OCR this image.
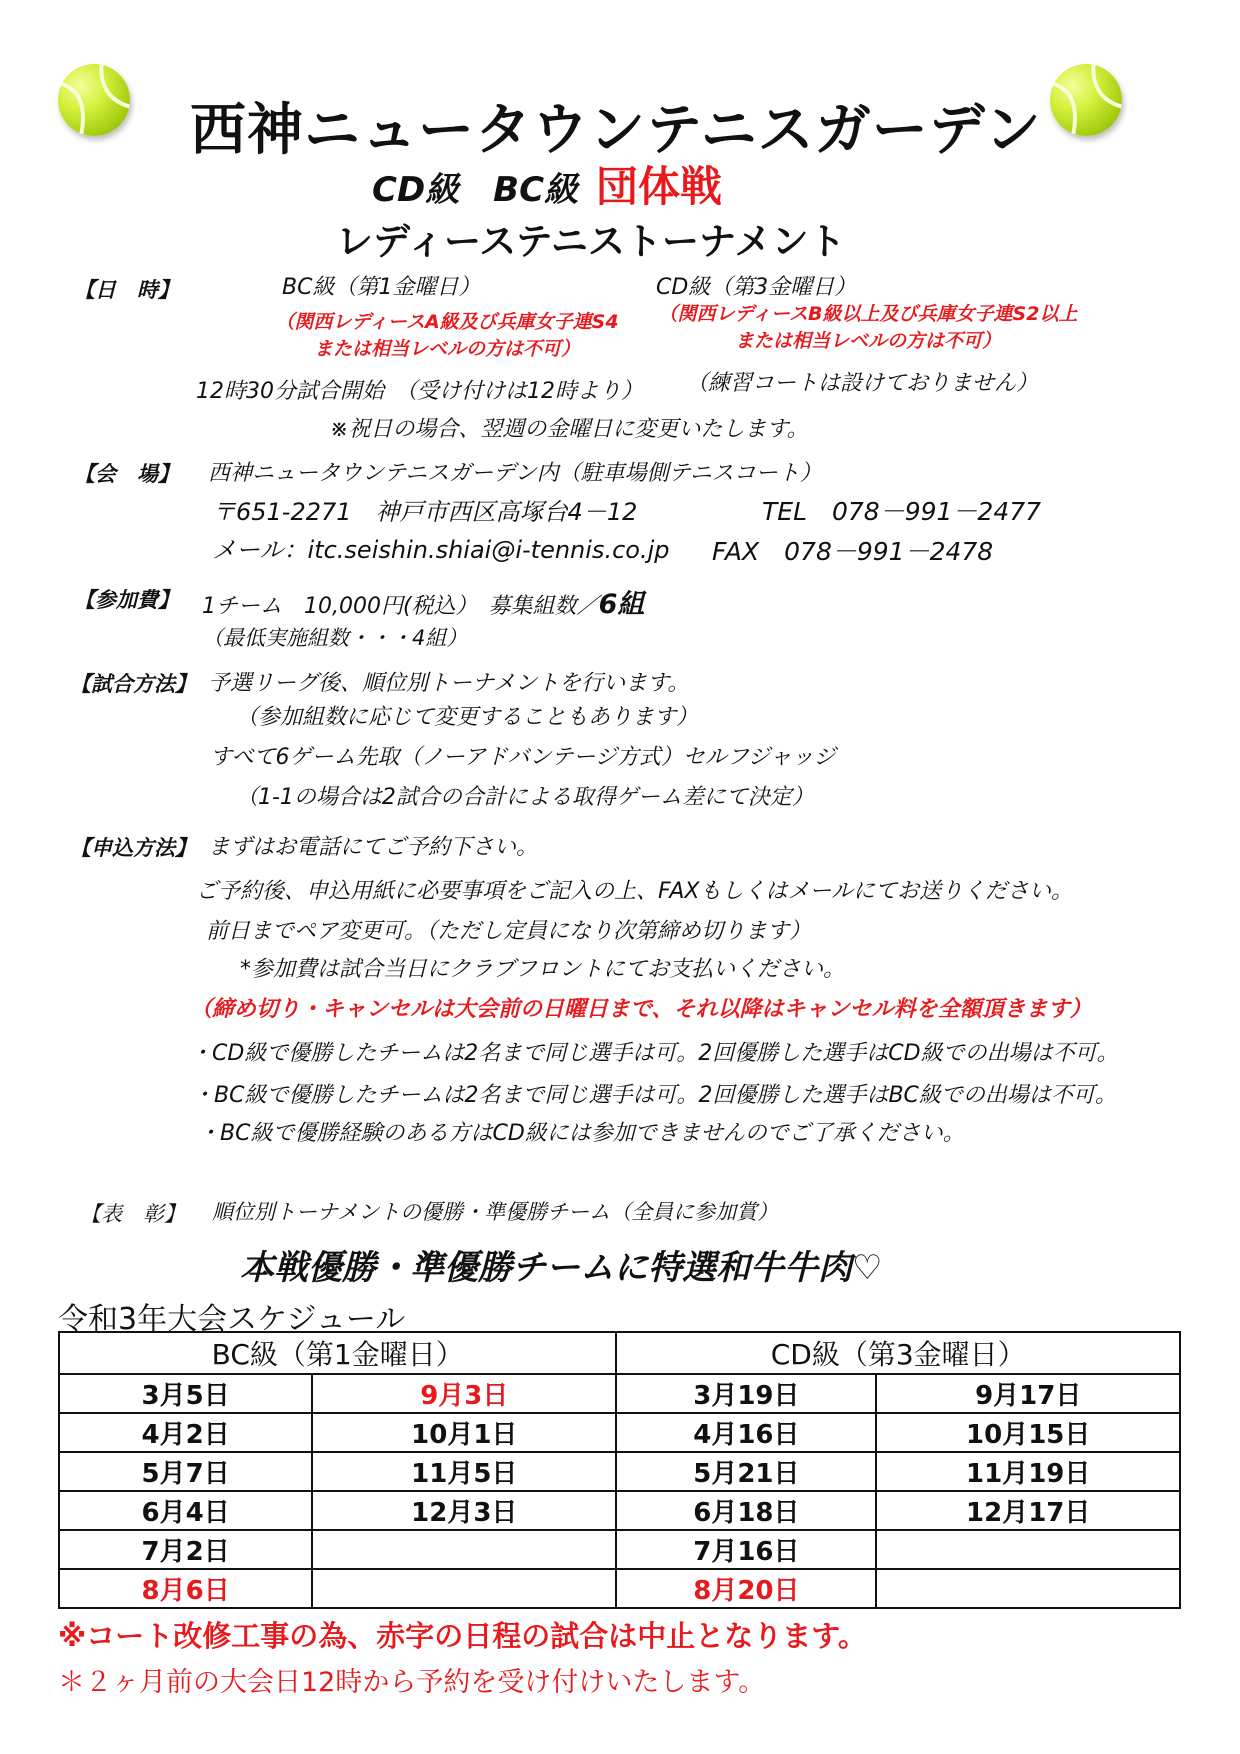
西神ニュータウンテニスガーデン
CD級　BC級 団体戦
レディーステニストーナメント
【日　時】	BC級（第1金曜日）	CD級（第3金曜日）
（関西レディースA級及び兵庫女子連S4
または相当レベルの方は不可）
（関西レディースB級以上及び兵庫女子連S2以上
または相当レベルの方は不可）
12時30分試合開始　（受け付けは12時より） （練習コートは設けておりません）
※祝日の場合、翌週の金曜日に変更いたします。
【会　場】 西神ニュータウンテニスガーデン内（駐車場側テニスコート）
〒651-2271　神戸市西区高塚台4－12	TEL　078－991－2477
メール：itc.seishin.shiai@i-tennis.co.jp FAX　078－991－2478
【参加費】 1チーム　10,000円(税込）　募集組数／6組
（最低実施組数・・・4組）
【試合方法】 予選リーグ後、順位別トーナメントを行います。
（参加組数に応じて変更することもあります）
すべて6ゲーム先取（ノーアドバンテージ方式）セルフジャッジ
（1-1の場合は2試合の合計による取得ゲーム差にて決定）
【申込方法】 まずはお電話にてご予約下さい。
ご予約後、申込用紙に必要事項をご記入の上、FAXもしくはメールにてお送りください。
前日までペア変更可。（ただし定員になり次第締め切ります）
*参加費は試合当日にクラブフロントにてお支払いください。
（締め切り・キャンセルは大会前の日曜日まで、それ以降はキャンセル料を全額頂きます）
・CD級で優勝したチームは2名まで同じ選手は可。2回優勝した選手はCD級での出場は不可。
・BC級で優勝したチームは2名まで同じ選手は可。2回優勝した選手はBC級での出場は不可。
・BC級で優勝経験のある方はCD級には参加できませんのでご了承ください。
【表　彰】 順位別トーナメントの優勝・準優勝チーム（全員に参加賞）
本戦優勝・準優勝チームに特選和牛牛肉♡
令和3年大会スケジュール
BC級（第1金曜日）		CD級（第3金曜日）	
3月5日	9月3日	3月19日	9月17日
4月2日	10月1日	4月16日	10月15日
5月7日	11月5日	5月21日	11月19日
6月4日	12月3日	6月18日	12月17日
7月2日		7月16日	
8月6日		8月20日	
※コート改修工事の為、赤字の日程の試合は中止となります。
＊２ヶ月前の大会日12時から予約を受け付けいたします。
